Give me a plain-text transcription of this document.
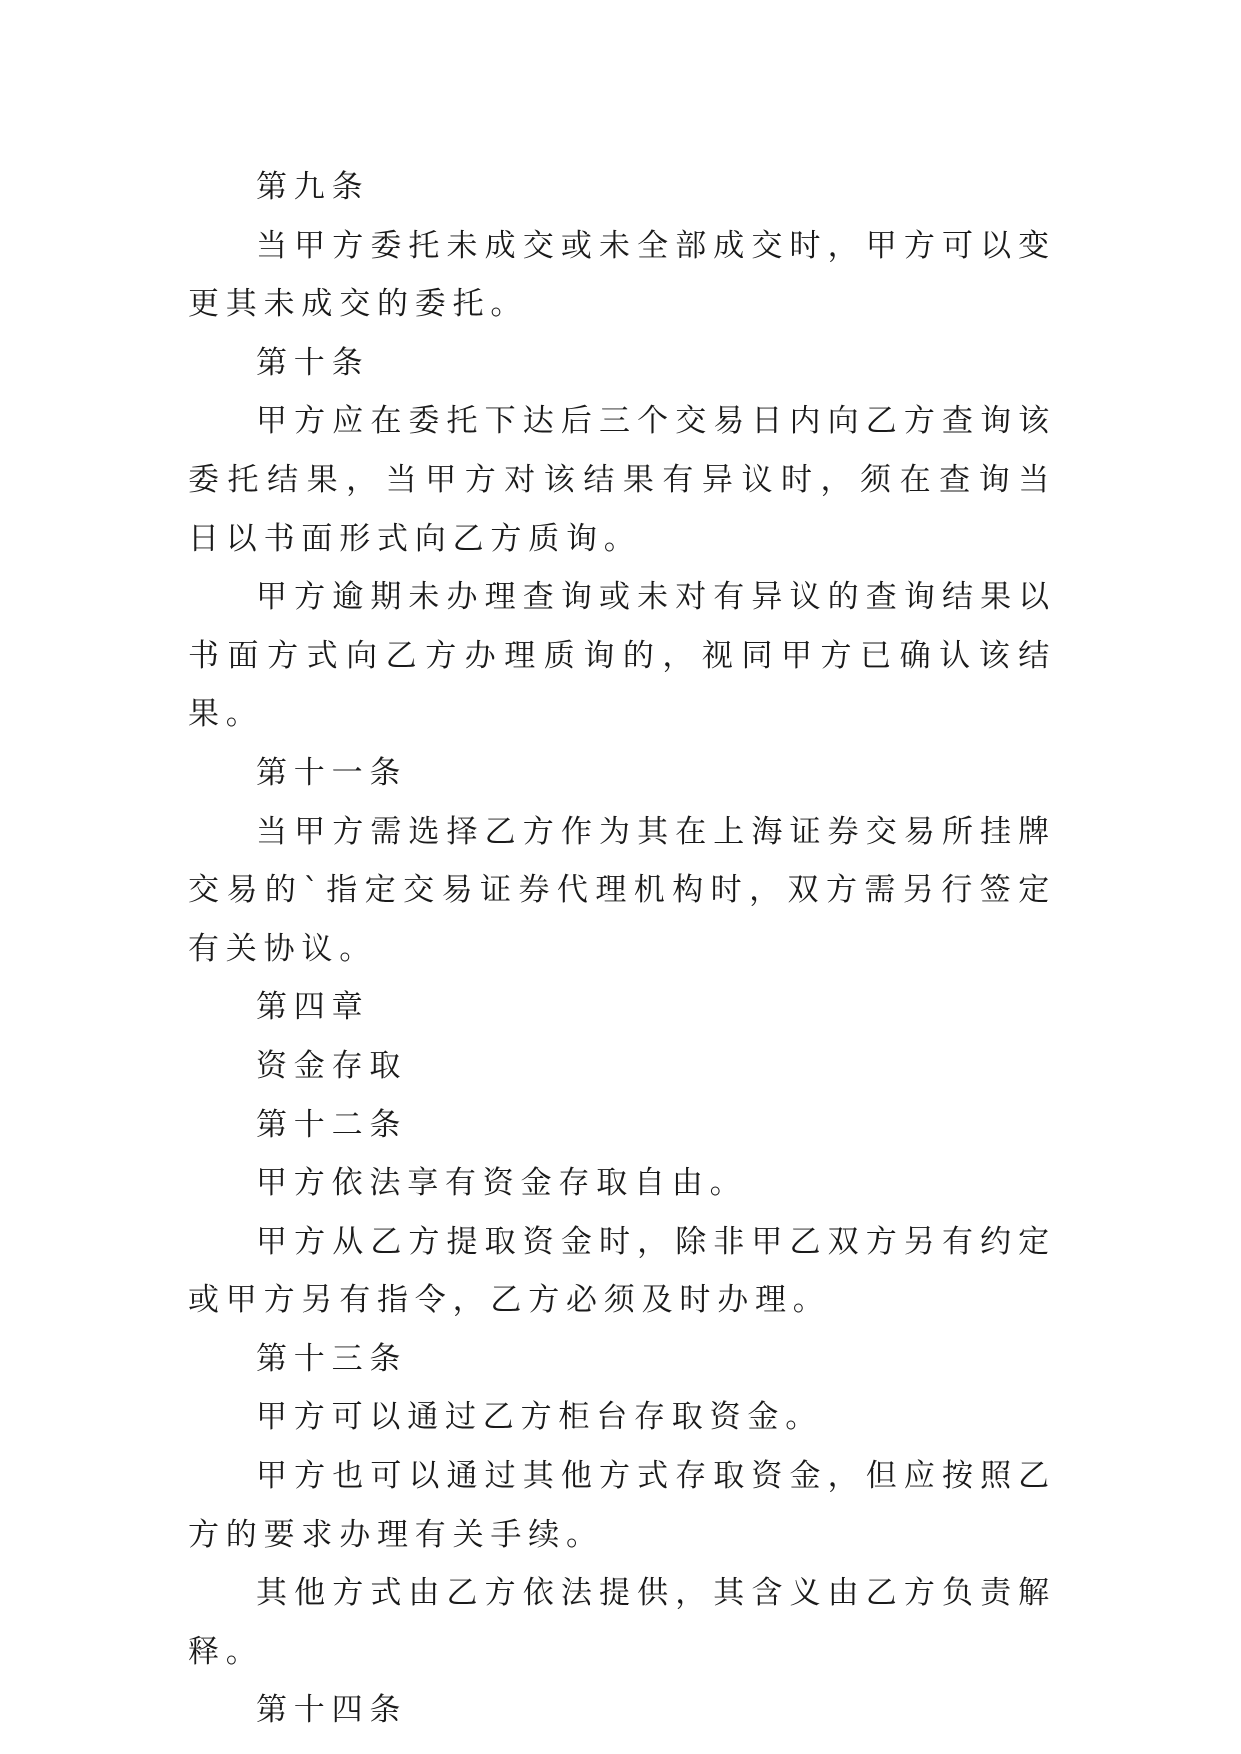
第九条

当甲方委托未成交或未全部成交时，甲方可以变更其未成交的委托。

第十条

甲方应在委托下达后三个交易日内向乙方查询该委托结果，当甲方对该结果有异议时，须在查询当日以书面形式向乙方质询。

甲方逾期未办理查询或未对有异议的查询结果以书面方式向乙方办理质询的，视同甲方已确认该结果。

第十一条

当甲方需选择乙方作为其在上海证券交易所挂牌交易的`指定交易证券代理机构时，双方需另行签定有关协议。

第四章

资金存取

第十二条

甲方依法享有资金存取自由。

甲方从乙方提取资金时，除非甲乙双方另有约定或甲方另有指令，乙方必须及时办理。

第十三条

甲方可以通过乙方柜台存取资金。

甲方也可以通过其他方式存取资金，但应按照乙方的要求办理有关手续。

其他方式由乙方依法提供，其含义由乙方负责解释。

第十四条
